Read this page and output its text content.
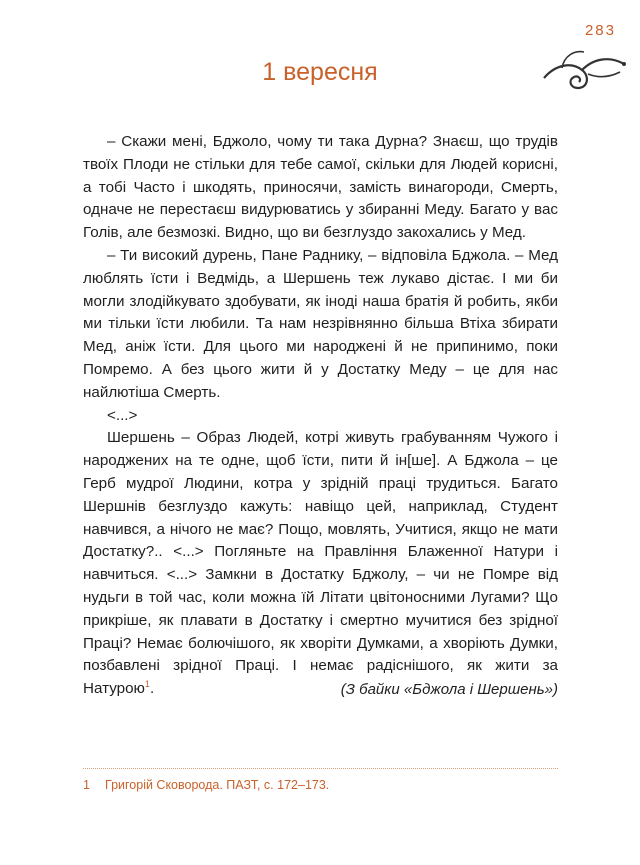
283
1 вересня

– Скажи мені, Бджоло, чому ти така Дурна? Знаєш, що трудів твоїх Плоди не стільки для тебе самої, скільки для Людей корисні, а тобі Часто і шкодять, приносячи, замість винагороди, Смерть, одначе не перестаєш видурюватись у збиранні Меду. Багато у вас Голів, але безмозкі. Видно, що ви безглуздо закохались у Мед.

– Ти високий дурень, Пане Раднику, – відповіла Бджола. – Мед люблять їсти і Ведмідь, а Шершень теж лукаво дістає. І ми би могли злодійкувато здобувати, як іноді наша братія й робить, якби ми тільки їсти любили. Та нам незрівнянно більша Втіха збирати Мед, аніж їсти. Для цього ми народжені й не припинимо, поки Помремо. А без цього жити й у Достатку Меду – це для нас найлютіша Смерть.

<...>

Шершень – Образ Людей, котрі живуть грабуванням Чужого і народжених на те одне, щоб їсти, пити й ін[ше]. А Бджола – це Герб мудрої Людини, котра у зрідній праці трудиться. Багато Шершнів безглуздо кажуть: навіщо цей, наприклад, Студент навчився, а нічого не має? Пощо, мовлять, Учитися, якщо не мати Достатку?.. <...> Погляньте на Правління Блаженної Натури і навчиться. <...> Замкни в Достатку Бджолу, – чи не Помре від нудьги в той час, коли можна їй Літати цвітоносними Лугами? Що прикріше, як плавати в Достатку і смертно мучитися без зрідної Праці? Немає болючішого, як хворіти Думками, а хворіють Думки, позбавлені зрідної Праці. І немає радіснішого, як жити за Натурою$^1$.	(З байки «Бджола і Шершень»)
1 Григорій Сковорода. ПАЗТ, с. 172–173.
